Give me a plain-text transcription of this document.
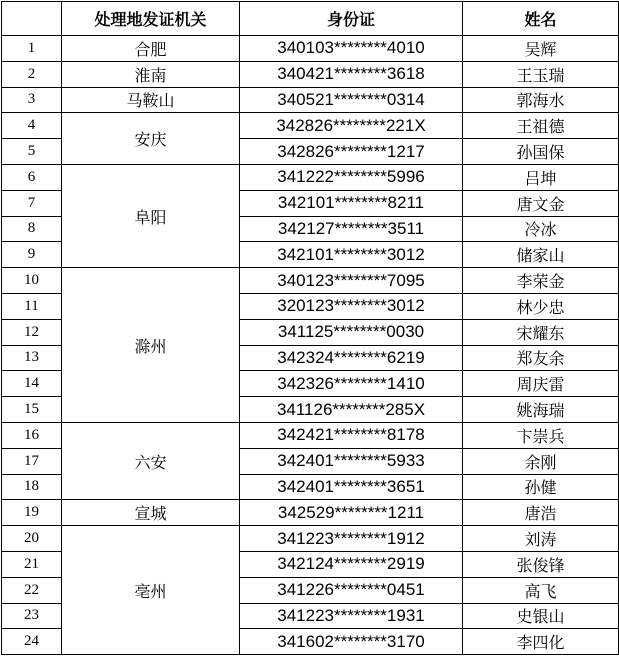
	处理地发证机关	身份证	姓名
1	合肥	340103********4010	吴辉
2	淮南	340421********3618	王玉瑞
3	马鞍山	340521********0314	郭海水
4	安庆	342826********221X	王祖德
5		342826********1217	孙国保
6	阜阳	341222********5996	吕坤
7		342101********8211	唐文金
8		342127********3511	冷冰
9		342101********3012	储家山
10	滁州	340123********7095	李荣金
11		320123********3012	林少忠
12		341125********0030	宋耀东
13		342324********6219	郑友余
14		342326********1410	周庆雷
15		341126********285X	姚海瑞
16	六安	342421********8178	卞崇兵
17		342401********5933	余刚
18		342401********3651	孙健
19	宣城	342529********1211	唐浩
20	亳州	341223********1912	刘涛
21		342124********2919	张俊锋
22		341226********0451	高飞
23		341223********1931	史银山
24		341602********3170	李四化
